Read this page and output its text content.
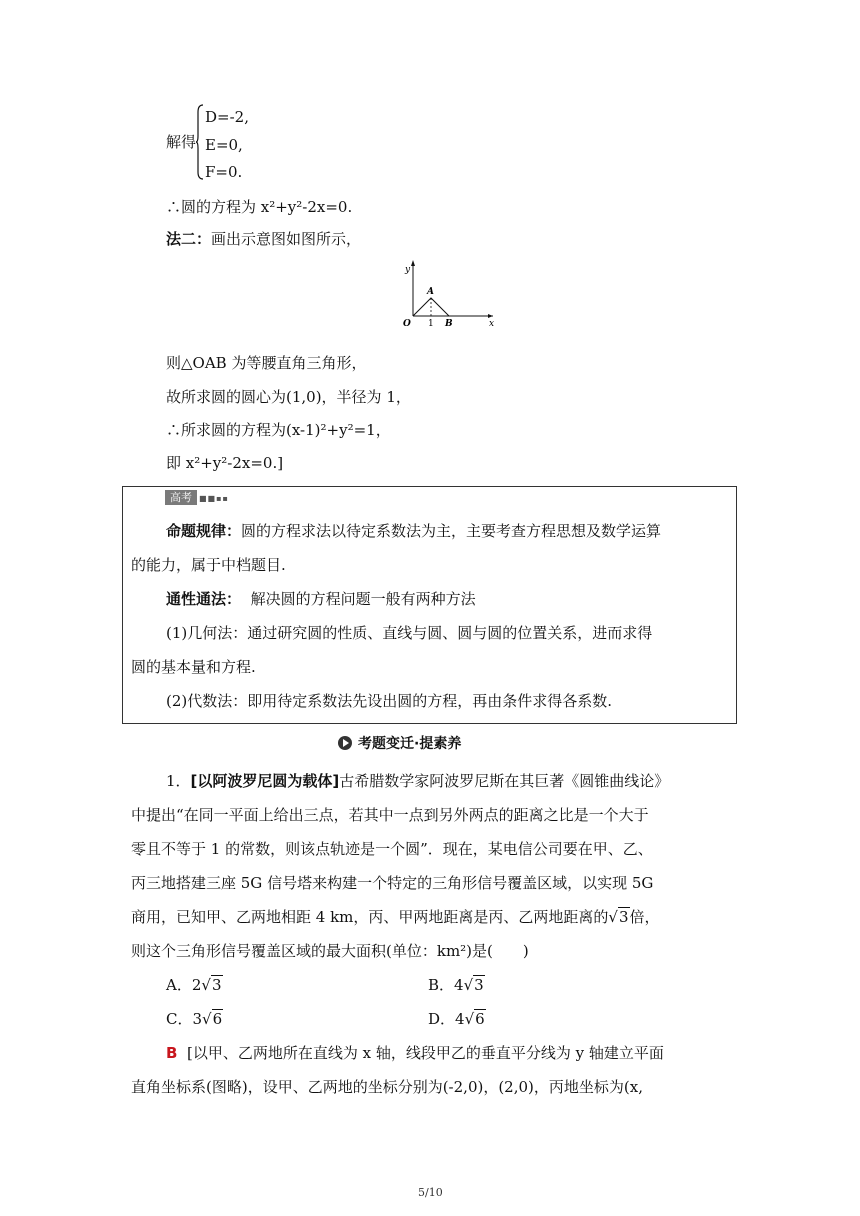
解得
D=-2,
E=0,
F=0.
∴圆的方程为 x²+y²-2x=0.
法二：画出示意图如图所示，
y
x
O 1
A
B
则△OAB 为等腰直角三角形，
故所求圆的圆心为(1,0)，半径为 1，
∴所求圆的方程为(x-1)²+y²=1，
即 x²+y²-2x=0.]
高考解读
■■▪▪
命题规律：圆的方程求法以待定系数法为主，主要考查方程思想及数学运算
的能力，属于中档题目.
通性通法： 解决圆的方程问题一般有两种方法
(1)几何法：通过研究圆的性质、直线与圆、圆与圆的位置关系，进而求得
圆的基本量和方程.
(2)代数法：即用待定系数法先设出圆的方程，再由条件求得各系数.
考题变迁·提素养
1．[以阿波罗尼圆为载体]古希腊数学家阿波罗尼斯在其巨著《圆锥曲线论》
中提出“在同一平面上给出三点，若其中一点到另外两点的距离之比是一个大于
零且不等于 1 的常数，则该点轨迹是一个圆”．现在，某电信公司要在甲、乙、
丙三地搭建三座 5G 信号塔来构建一个特定的三角形信号覆盖区域，以实现 5G
商用，已知甲、乙两地相距 4 km，丙、甲两地距离是丙、乙两地距离的√3倍，
则这个三角形信号覆盖区域的最大面积(单位：km²)是(　　)
A．2√3	B．4√3
C．3√6	D．4√6
B [以甲、乙两地所在直线为 x 轴，线段甲乙的垂直平分线为 y 轴建立平面
直角坐标系(图略)，设甲、乙两地的坐标分别为(-2,0)，(2,0)，丙地坐标为(x,
5/10
